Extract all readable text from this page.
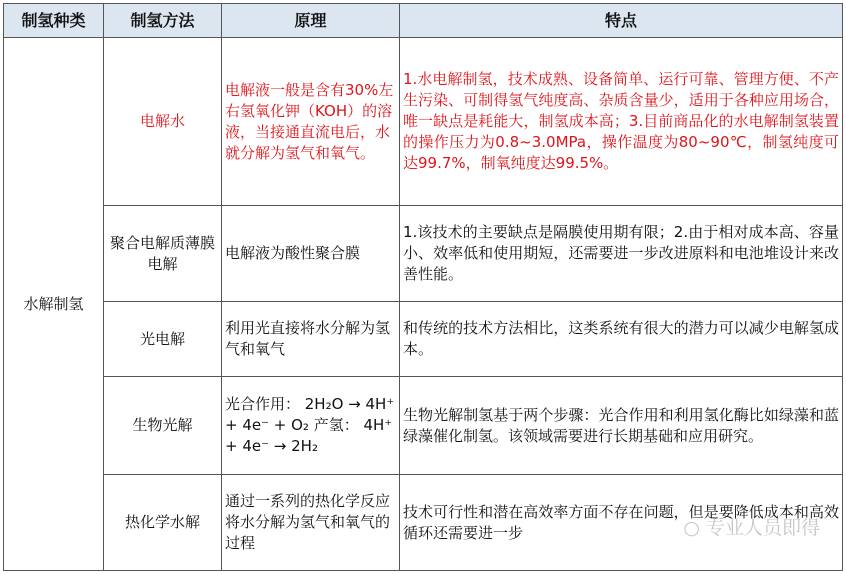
制氢种类	制氢方法	原理	特点
水解制氢	电解水	电解液一般是含有30%左右氢氧化钾（KOH）的溶液，当接通直流电后，水就分解为氢气和氧气。	1.水电解制氢，技术成熟、设备简单、运行可靠、管理方便、不产生污染、可制得氢气纯度高、杂质含量少，适用于各种应用场合，唯一缺点是耗能大，制氢成本高；3.目前商品化的水电解制氢装置的操作压力为0.8~3.0MPa，操作温度为80~90℃，制氢纯度可达99.7%，制氧纯度达99.5%。
	聚合电解质薄膜电解	电解液为酸性聚合膜	1.该技术的主要缺点是隔膜使用期有限；2.由于相对成本高、容量小、效率低和使用期短，还需要进一步改进原料和电池堆设计来改善性能。
	光电解	利用光直接将水分解为氢气和氧气	和传统的技术方法相比，这类系统有很大的潜力可以减少电解氢成本。
	生物光解	光合作用： 2H₂O → 4H⁺ + 4e⁻ + O₂ 产氢： 4H⁺ + 4e⁻ → 2H₂	生物光解制氢基于两个步骤：光合作用和利用氢化酶比如绿藻和蓝绿藻催化制氢。该领域需要进行长期基础和应用研究。
	热化学水解	通过一系列的热化学反应将水分解为氢气和氧气的过程	技术可行性和潜在高效率方面不存在问题，但是要降低成本和高效循环还需要进一步	○ 专业人员即得
